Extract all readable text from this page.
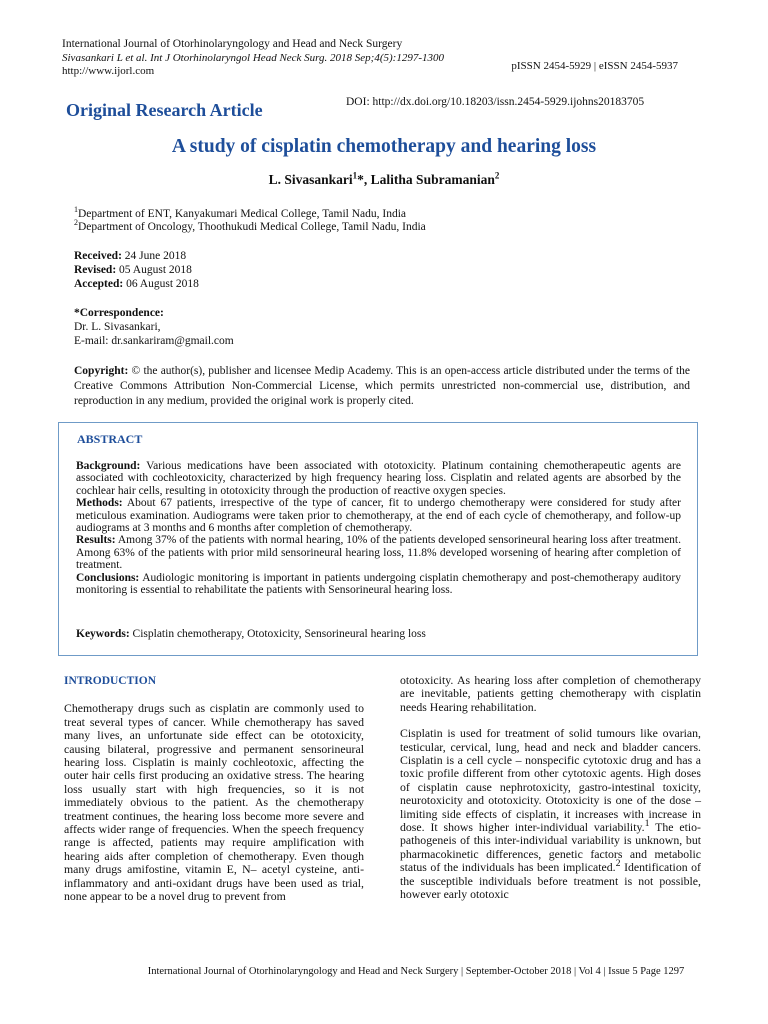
International Journal of Otorhinolaryngology and Head and Neck Surgery
Sivasankari L et al. Int J Otorhinolaryngol Head Neck Surg. 2018 Sep;4(5):1297-1300
http://www.ijorl.com	pISSN 2454-5929 | eISSN 2454-5937
Original Research Article	DOI: http://dx.doi.org/10.18203/issn.2454-5929.ijohns20183705
A study of cisplatin chemotherapy and hearing loss
L. Sivasankari$^1$*, Lalitha Subramanian$^2$
$^1$Department of ENT, Kanyakumari Medical College, Tamil Nadu, India
$^2$Department of Oncology, Thoothukudi Medical College, Tamil Nadu, India
Received: 24 June 2018
Revised: 05 August 2018
Accepted: 06 August 2018
*Correspondence:
Dr. L. Sivasankari,
E-mail: dr.sankariram@gmail.com
Copyright: © the author(s), publisher and licensee Medip Academy. This is an open-access article distributed under the terms of the Creative Commons Attribution Non-Commercial License, which permits unrestricted non-commercial use, distribution, and reproduction in any medium, provided the original work is properly cited.
ABSTRACT

Background: Various medications have been associated with ototoxicity. Platinum containing chemotherapeutic agents are associated with cochleotoxicity, characterized by high frequency hearing loss. Cisplatin and related agents are absorbed by the cochlear hair cells, resulting in ototoxicity through the production of reactive oxygen species.

Methods: About 67 patients, irrespective of the type of cancer, fit to undergo chemotherapy were considered for study after meticulous examination. Audiograms were taken prior to chemotherapy, at the end of each cycle of chemotherapy, and follow-up audiograms at 3 months and 6 months after completion of chemotherapy.

Results: Among 37% of the patients with normal hearing, 10% of the patients developed sensorineural hearing loss after treatment. Among 63% of the patients with prior mild sensorineural hearing loss, 11.8% developed worsening of hearing after completion of treatment.

Conclusions: Audiologic monitoring is important in patients undergoing cisplatin chemotherapy and post-chemotherapy auditory monitoring is essential to rehabilitate the patients with Sensorineural hearing loss.

Keywords: Cisplatin chemotherapy, Ototoxicity, Sensorineural hearing loss

INTRODUCTION

Chemotherapy drugs such as cisplatin are commonly used to treat several types of cancer. While chemotherapy has saved many lives, an unfortunate side effect can be ototoxicity, causing bilateral, progressive and permanent sensorineural hearing loss. Cisplatin is mainly cochleotoxic, affecting the outer hair cells first producing an oxidative stress. The hearing loss usually start with high frequencies, so it is not immediately obvious to the patient. As the chemotherapy treatment continues, the hearing loss become more severe and affects wider range of frequencies. When the speech frequency range is affected, patients may require amplification with hearing aids after completion of chemotherapy. Even though many drugs amifostine, vitamin E, N– acetyl cysteine, anti- inflammatory and anti-oxidant drugs have been used as trial, none appear to be a novel drug to prevent from

ototoxicity. As hearing loss after completion of chemotherapy are inevitable, patients getting chemotherapy with cisplatin needs Hearing rehabilitation.

Cisplatin is used for treatment of solid tumours like ovarian, testicular, cervical, lung, head and neck and bladder cancers. Cisplatin is a cell cycle – nonspecific cytotoxic drug and has a toxic profile different from other cytotoxic agents. High doses of cisplatin cause nephrotoxicity, gastro-intestinal toxicity, neurotoxicity and ototoxicity. Ototoxicity is one of the dose – limiting side effects of cisplatin, it increases with increase in dose. It shows higher inter-individual variability.$^1$ The etio-pathogeneis of this inter-individual variability is unknown, but pharmacokinetic differences, genetic factors and metabolic status of the individuals has been implicated.$^2$ Identification of the susceptible individuals before treatment is not possible, however early ototoxic

International Journal of Otorhinolaryngology and Head and Neck Surgery | September-October 2018 | Vol 4 | Issue 5 Page 1297
